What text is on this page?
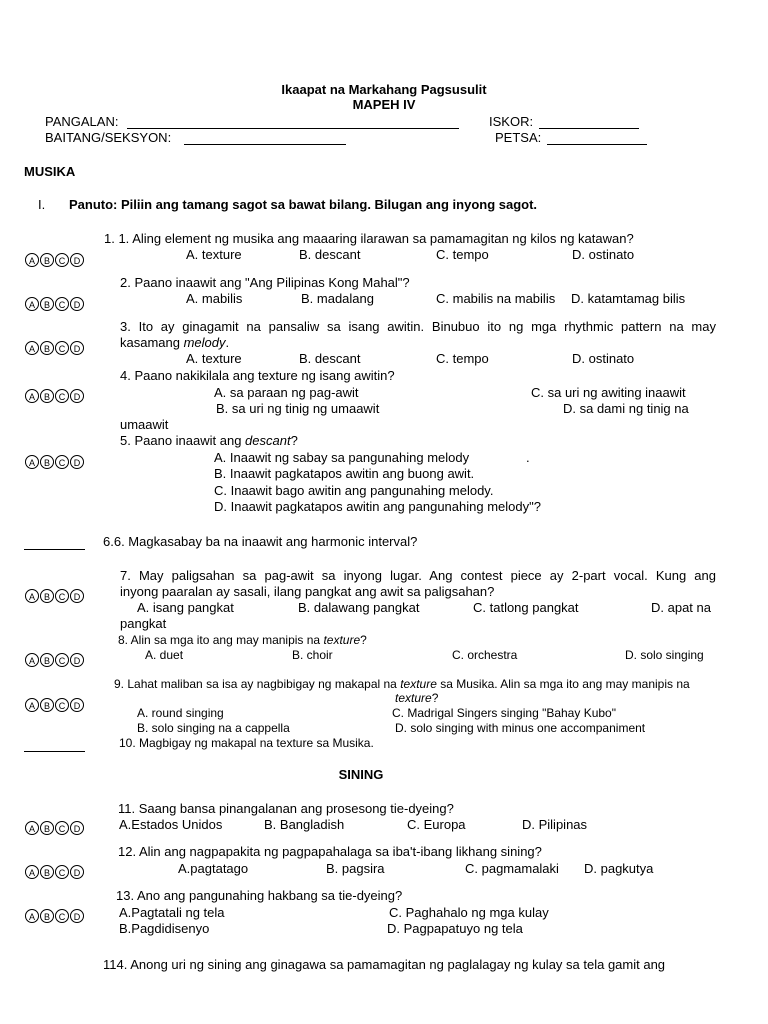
Ikaapat na Markahang Pagsusulit
MAPEH IV
PANGALAN:	ISKOR:
BAITANG/SEKSYON:	PETSA:
MUSIKA
I. Panuto: Piliin ang tamang sagot sa bawat bilang. Bilugan ang inyong sagot.
1. 1. Aling element ng musika ang maaaring ilarawan sa pamamagitan ng kilos ng katawan?
A B C D	A. texture	B. descant	C. tempo	D. ostinato
2. Paano inaawit ang "Ang Pilipinas Kong Mahal"?
A B C D	A. mabilis	B. madalang	C. mabilis na mabilis D. katamtamag bilis
3. Ito ay ginagamit na pansaliw sa isang awitin. Binubuo ito ng mga rhythmic pattern na may
kasamang melody.
A B C D
A. texture	B. descant	C. tempo	D. ostinato
4. Paano nakikilala ang texture ng isang awitin?
A B C D	A. sa paraan ng pag-awit	C. sa uri ng awiting inaawit
B. sa uri ng tinig ng umaawit	D. sa dami ng tinig na
umaawit
5. Paano inaawit ang descant?
A B C D	A. Inaawit ng sabay sa pangunahing melody	.
B. Inaawit pagkatapos awitin ang buong awit.
C. Inaawit bago awitin ang pangunahing melody.
D. Inaawit pagkatapos awitin ang pangunahing melody"?
6.6. Magkasabay ba na inaawit ang harmonic interval?
7. May paligsahan sa pag-awit sa inyong lugar. Ang contest piece ay 2-part vocal. Kung ang
inyong paaralan ay sasali, ilang pangkat ang awit sa paligsahan?
A B C D
A. isang pangkat	B. dalawang pangkat	C. tatlong pangkat	D. apat na
pangkat
8. Alin sa mga ito ang may manipis na texture?
A B C D	A. duet	B. choir	C. orchestra	D. solo singing
9. Lahat maliban sa isa ay nagbibigay ng makapal na texture sa Musika. Alin sa mga ito ang may manipis na
texture?
A B C D	A. round singing	C. Madrigal Singers singing "Bahay Kubo"
B. solo singing na a cappella	D. solo singing with minus one accompaniment
10. Magbigay ng makapal na texture sa Musika.
SINING
11. Saang bansa pinangalanan ang prosesong tie-dyeing?
A B C D	A.Estados Unidos	B. Bangladish	C. Europa	D. Pilipinas
12. Alin ang nagpapakita ng pagpapahalaga sa iba't-ibang likhang sining?
A B C D	A.pagtatago	B. pagsira	C. pagmamalaki D. pagkutya
13. Ano ang pangunahing hakbang sa tie-dyeing?
A B C D	A.Pagtatali ng tela	C. Paghahalo ng mga kulay
B.Pagdidisenyo	D. Pagpapatuyo ng tela
114. Anong uri ng sining ang ginagawa sa pamamagitan ng paglalagay ng kulay sa tela gamit ang
